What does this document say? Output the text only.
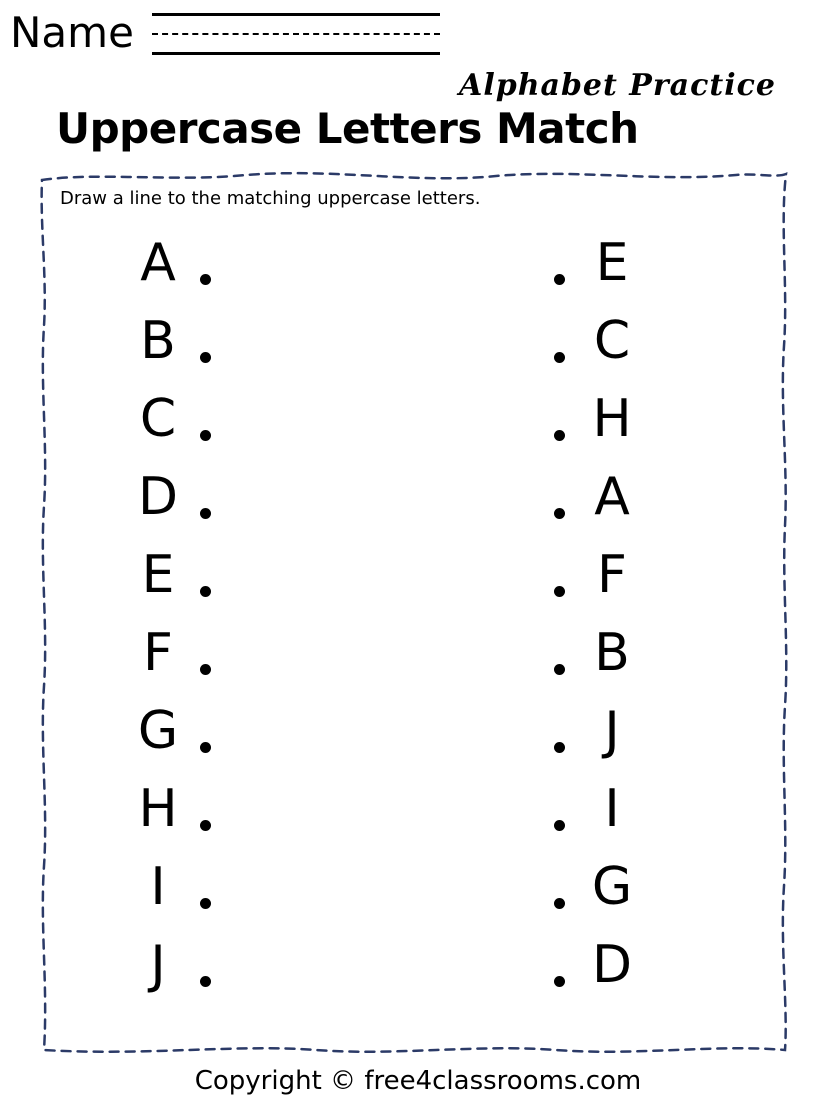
Name
Alphabet Practice
Uppercase Letters Match
Draw a line to the matching uppercase letters.
A
B
C
D
E
F
G
H
I
J
E
C
H
A
F
B
J
I
G
D
Copyright © free4classrooms.com
